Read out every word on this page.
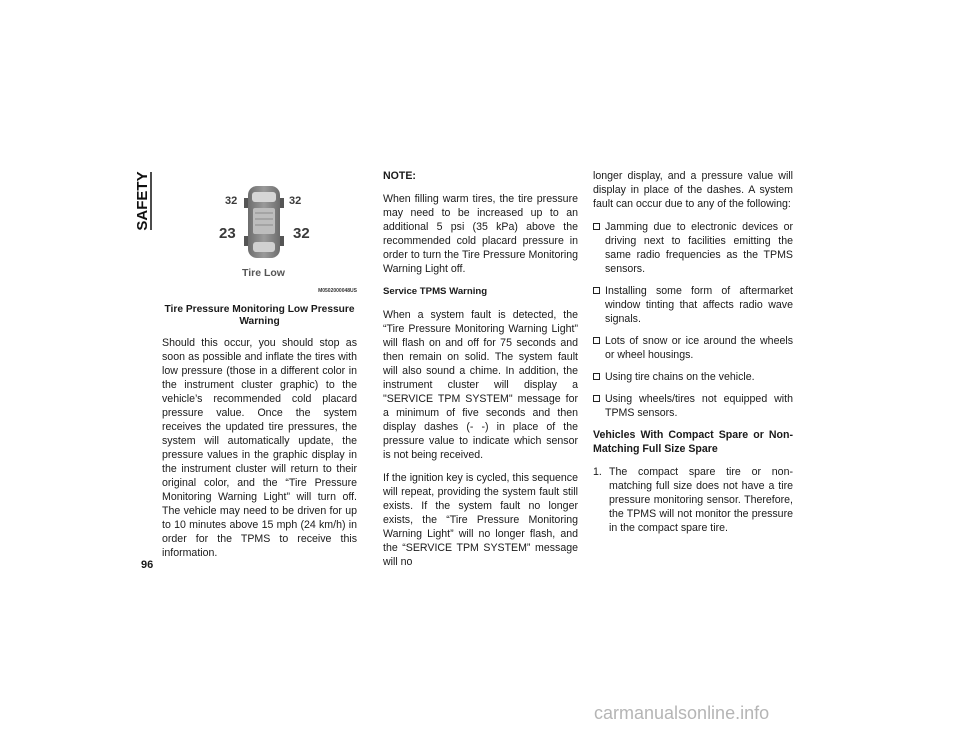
SAFETY
96
32	32
23	32
Tire Low
M0502000048US
Tire Pressure Monitoring Low Pressure Warning

Should this occur, you should stop as soon as possible and inflate the tires with low pressure (those in a different color in the instrument cluster graphic) to the vehicle’s recommended cold placard pressure value. Once the system receives the updated tire pressures, the system will automatically update, the pressure values in the graphic display in the instrument cluster will return to their original color, and the “Tire Pressure Monitoring Warning Light” will turn off. The vehicle may need to be driven for up to 10 minutes above 15 mph (24 km/h) in order for the TPMS to receive this information.

NOTE:

When filling warm tires, the tire pressure may need to be increased up to an additional 5 psi (35 kPa) above the recommended cold placard pressure in order to turn the Tire Pressure Monitoring Warning Light off.

Service TPMS Warning

When a system fault is detected, the “Tire Pressure Monitoring Warning Light” will flash on and off for 75 seconds and then remain on solid. The system fault will also sound a chime. In addition, the instrument cluster will display a "SERVICE TPM SYSTEM" message for a minimum of five seconds and then display dashes (- -) in place of the pressure value to indicate which sensor is not being received.

If the ignition key is cycled, this sequence will repeat, providing the system fault still exists. If the system fault no longer exists, the “Tire Pressure Monitoring Warning Light” will no longer flash, and the “SERVICE TPM SYSTEM” message will no

longer display, and a pressure value will display in place of the dashes. A system fault can occur due to any of the following:

Jamming due to electronic devices or driving next to facilities emitting the same radio frequencies as the TPMS sensors.
Installing some form of aftermarket window tinting that affects radio wave signals.
Lots of snow or ice around the wheels or wheel housings.
Using tire chains on the vehicle.
Using wheels/tires not equipped with TPMS sensors.

Vehicles With Compact Spare or Non-Matching Full Size Spare

1. The compact spare tire or non-matching full size does not have a tire pressure monitoring sensor. Therefore, the TPMS will not monitor the pressure in the compact spare tire.
carmanualsonline.info
